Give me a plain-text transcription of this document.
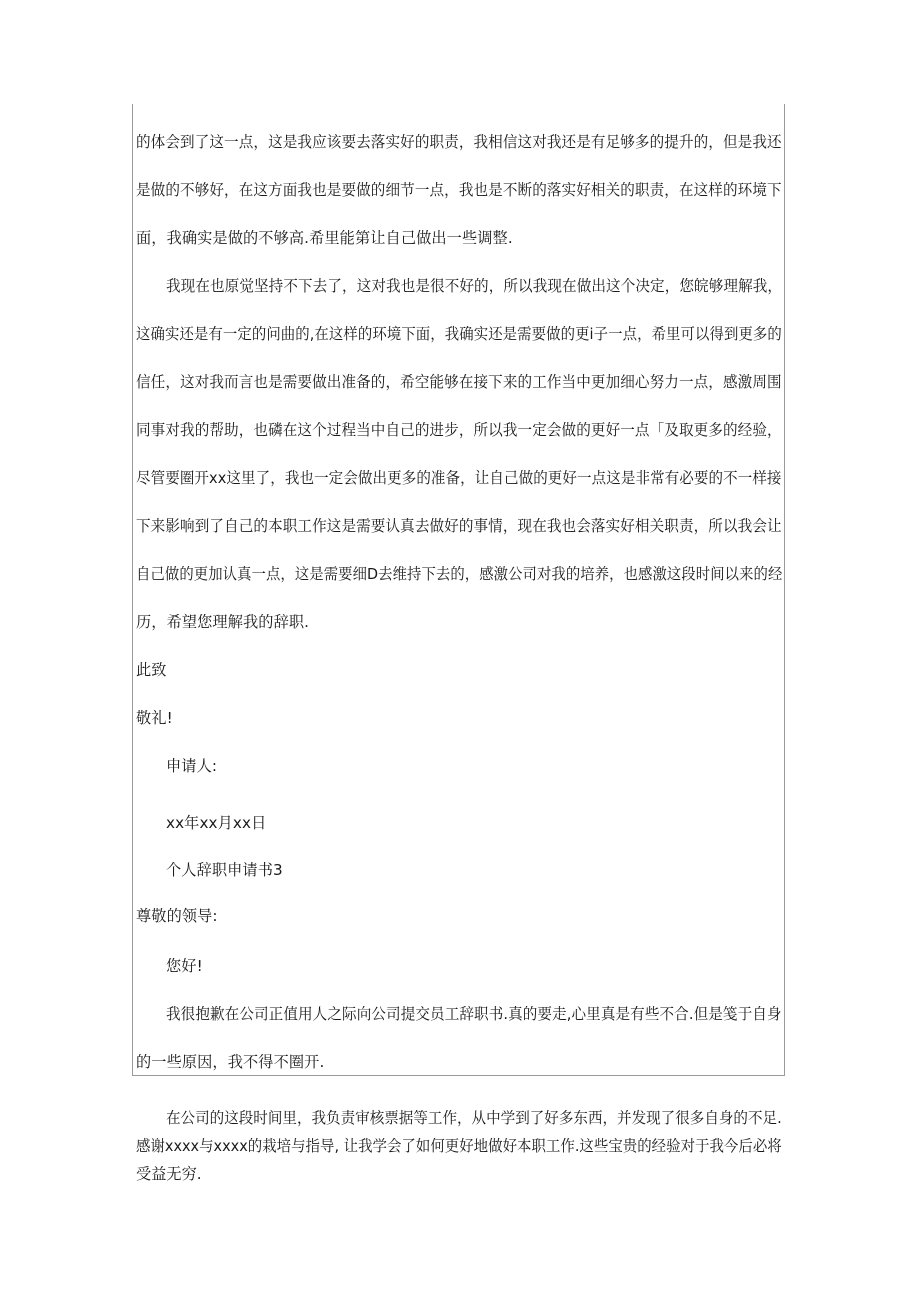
的体会到了这一点，这是我应该要去落实好的职责，我相信这对我还是有足够多的提升的，但是我还
是做的不够好，在这方面我也是要做的细节一点，我也是不断的落实好相关的职责，在这样的环境下
面，我确实是做的不够高.希里能第让自己做出一些调整.
我现在也原觉坚持不下去了，这对我也是很不好的，所以我现在做出这个决定，您皖够理解我，
这确实还是有一定的问曲的,在这样的环境下面，我确实还是需要做的更i子一点，希里可以得到更多的
信任，这对我而言也是需要做出准备的，希空能够在接下来的工作当中更加细心努力一点，感激周围
同事对我的帮助，也磷在这个过程当中自己的进步，所以我一定会做的更好一点「及取更多的经验，
尽管要圈开xx这里了，我也一定会做出更多的准备，让自己做的更好一点这是非常有必要的不一样接
下来影响到了自己的本职工作这是需要认真去做好的事情，现在我也会落实好相关职责，所以我会让
自己做的更加认真一点，这是需要细D去维持下去的，感激公司对我的培养，也感激这段时间以来的经
历，希望您理解我的辞职.
此致
敬礼!
申请人:
xx年xx月xx日
个人辞职申请书3
尊敬的领导:
您好!
我很抱歉在公司正值用人之际向公司提交员工辞职书.真的要走,心里真是有些不合.但是笺于自身
的一些原因，我不得不圈开.
在公司的这段时间里，我负责审核票据等工作，从中学到了好多东西，并发现了很多自身的不足.
感谢xxxx与xxxx的栽培与指导, 让我学会了如何更好地做好本职工作.这些宝贵的经验对于我今后必将
受益无穷.
